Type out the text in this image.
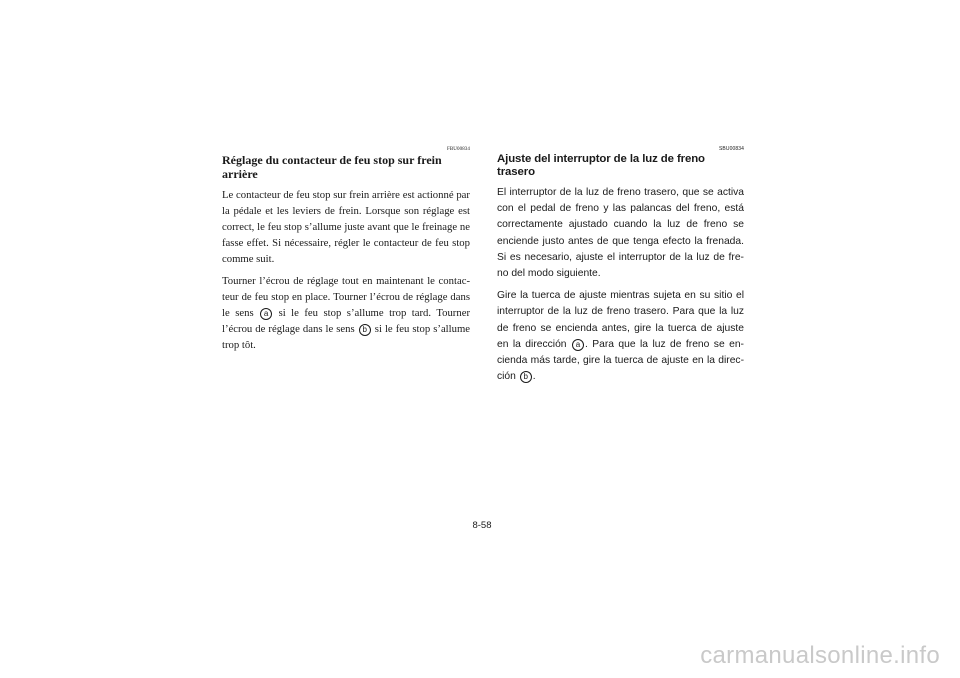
FBU00834
Réglage du contacteur de feu stop sur frein arrière

Le contacteur de feu stop sur frein arrière est actionné par la pédale et les leviers de frein. Lorsque son réglage est correct, le feu stop s’allume juste avant que le freinage ne fasse effet. Si nécessaire, régler le contacteur de feu stop comme suit.

Tourner l’écrou de réglage tout en maintenant le contac-teur de feu stop en place. Tourner l’écrou de réglage dans le sens a si le feu stop s’allume trop tard. Tourner l’écrou de réglage dans le sens b si le feu stop s’allume trop tôt.

SBU00834
Ajuste del interruptor de la luz de freno trasero

El interruptor de la luz de freno trasero, que se activa con el pedal de freno y las palancas del freno, está correctamente ajustado cuando la luz de freno se enciende justo antes de que tenga efecto la frenada. Si es necesario, ajuste el interruptor de la luz de fre-no del modo siguiente.

Gire la tuerca de ajuste mientras sujeta en su sitio el interruptor de la luz de freno trasero. Para que la luz de freno se encienda antes, gire la tuerca de ajuste en la dirección a . Para que la luz de freno se en-cienda más tarde, gire la tuerca de ajuste en la direc-ción b .

8-58
carmanualsonline.info
